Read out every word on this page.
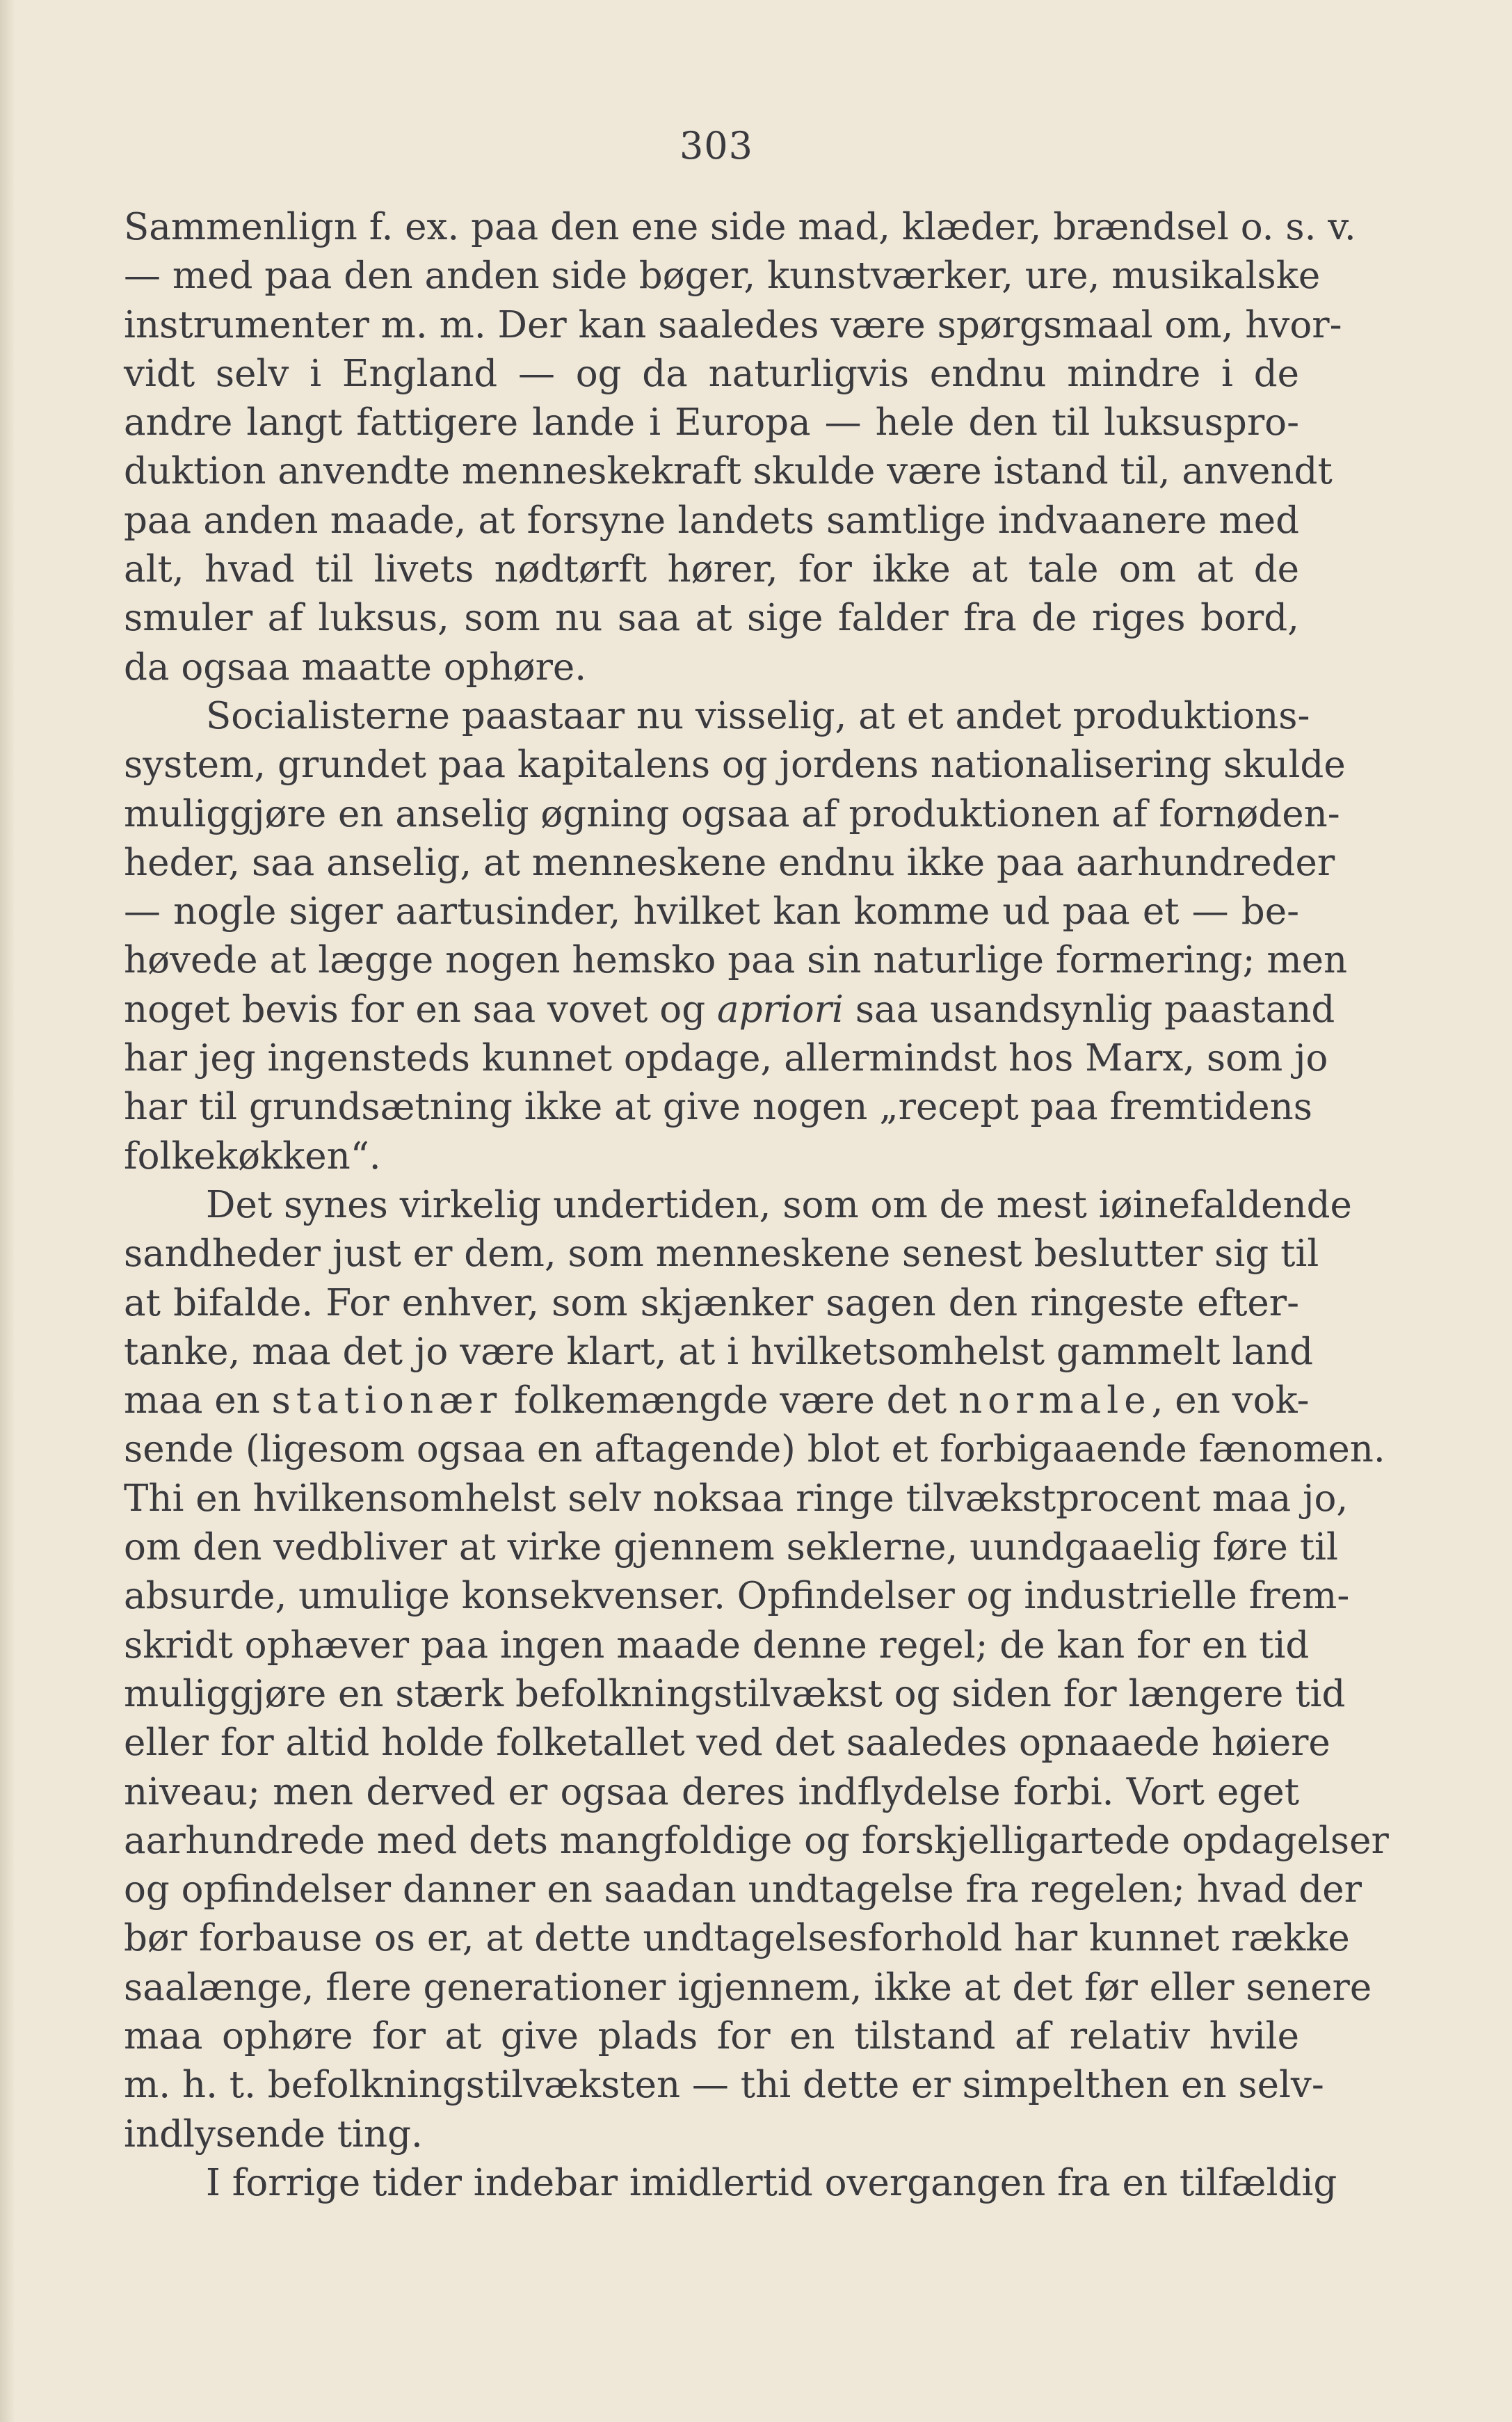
303
Sammenlign f. ex. paa den ene side mad, klæder, brændsel o. s. v.
— med paa den anden side bøger, kunstværker, ure, musikalske
instrumenter m. m. Der kan saaledes være spørgsmaal om, hvor-
vidt selv i England — og da naturligvis endnu mindre i de
andre langt fattigere lande i Europa — hele den til luksuspro-
duktion anvendte menneskekraft skulde være istand til, anvendt
paa anden maade, at forsyne landets samtlige indvaanere med
alt, hvad til livets nødtørft hører, for ikke at tale om at de
smuler af luksus, som nu saa at sige falder fra de riges bord,
da ogsaa maatte ophøre.
Socialisterne paastaar nu visselig, at et andet produktions-
system, grundet paa kapitalens og jordens nationalisering skulde
muliggjøre en anselig øgning ogsaa af produktionen af fornøden-
heder, saa anselig, at menneskene endnu ikke paa aarhundreder
— nogle siger aartusinder, hvilket kan komme ud paa et — be-
høvede at lægge nogen hemsko paa sin naturlige formering; men
noget bevis for en saa vovet og apriori saa usandsynlig paastand
har jeg ingensteds kunnet opdage, allermindst hos Marx, som jo
har til grundsætning ikke at give nogen „recept paa fremtidens
folkekøkken“.
Det synes virkelig undertiden, som om de mest iøinefaldende
sandheder just er dem, som menneskene senest beslutter sig til
at bifalde. For enhver, som skjænker sagen den ringeste efter-
tanke, maa det jo være klart, at i hvilketsomhelst gammelt land
maa en stationær folkemængde være det normale, en vok-
sende (ligesom ogsaa en aftagende) blot et forbigaaende fænomen.
Thi en hvilkensomhelst selv noksaa ringe tilvækstprocent maa jo,
om den vedbliver at virke gjennem seklerne, uundgaaelig føre til
absurde, umulige konsekvenser. Opfindelser og industrielle frem-
skridt ophæver paa ingen maade denne regel; de kan for en tid
muliggjøre en stærk befolkningstilvækst og siden for længere tid
eller for altid holde folketallet ved det saaledes opnaaede høiere
niveau; men derved er ogsaa deres indflydelse forbi. Vort eget
aarhundrede med dets mangfoldige og forskjelligartede opdagelser
og opfindelser danner en saadan undtagelse fra regelen; hvad der
bør forbause os er, at dette undtagelsesforhold har kunnet række
saalænge, flere generationer igjennem, ikke at det før eller senere
maa ophøre for at give plads for en tilstand af relativ hvile
m. h. t. befolkningstilvæksten — thi dette er simpelthen en selv-
indlysende ting.
I forrige tider indebar imidlertid overgangen fra en tilfældig
